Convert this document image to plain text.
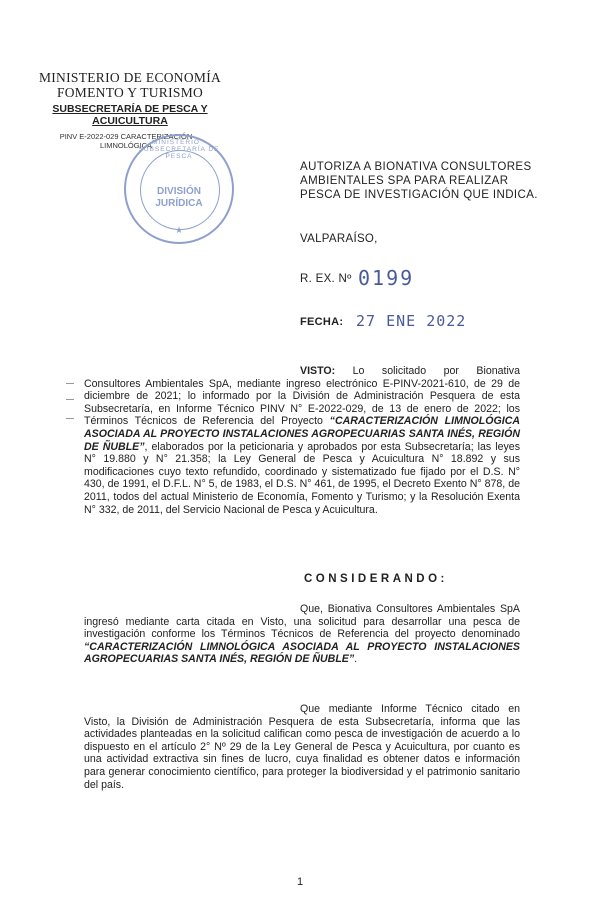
MINISTERIO DE ECONOMÍA
FOMENTO Y TURISMO
SUBSECRETARÍA DE PESCA Y
ACUICULTURA
PINV E-2022-029 CARACTERIZACIÓN
LIMNOLÓGICA MINISTERIO · SUBSECRETARÍA DE PESCA
DIVISIÓN
JURÍDICA
★
AUTORIZA A BIONATIVA CONSULTORES AMBIENTALES SPA PARA REALIZAR PESCA DE INVESTIGACIÓN QUE INDICA.
VALPARAÍSO,
R. EX. Nº 0199
FECHA: 27 ENE 2022
VISTO: Lo solicitado por Bionativa Consultores Ambientales SpA, mediante ingreso electrónico E-PINV-2021-610, de 29 de diciembre de 2021; lo informado por la División de Administración Pesquera de esta Subsecretaría, en Informe Técnico PINV N° E-2022-029, de 13 de enero de 2022; los Términos Técnicos de Referencia del Proyecto “CARACTERIZACIÓN LIMNOLÓGICA ASOCIADA AL PROYECTO INSTALACIONES AGROPECUARIAS SANTA INÉS, REGIÓN DE ÑUBLE”, elaborados por la peticionaria y aprobados por esta Subsecretaría; las leyes N° 19.880 y N° 21.358; la Ley General de Pesca y Acuicultura N° 18.892 y sus modificaciones cuyo texto refundido, coordinado y sistematizado fue fijado por el D.S. N° 430, de 1991, el D.F.L. N° 5, de 1983, el D.S. N° 461, de 1995, el Decreto Exento N° 878, de 2011, todos del actual Ministerio de Economía, Fomento y Turismo; y la Resolución Exenta N° 332, de 2011, del Servicio Nacional de Pesca y Acuicultura.
CONSIDERANDO:
Que, Bionativa Consultores Ambientales SpA ingresó mediante carta citada en Visto, una solicitud para desarrollar una pesca de investigación conforme los Términos Técnicos de Referencia del proyecto denominado “CARACTERIZACIÓN LIMNOLÓGICA ASOCIADA AL PROYECTO INSTALACIONES AGROPECUARIAS SANTA INÉS, REGIÓN DE ÑUBLE”.
Que mediante Informe Técnico citado en Visto, la División de Administración Pesquera de esta Subsecretaría, informa que las actividades planteadas en la solicitud califican como pesca de investigación de acuerdo a lo dispuesto en el artículo 2° Nº 29 de la Ley General de Pesca y Acuicultura, por cuanto es una actividad extractiva sin fines de lucro, cuya finalidad es obtener datos e información para generar conocimiento científico, para proteger la biodiversidad y el patrimonio sanitario del país.
1
